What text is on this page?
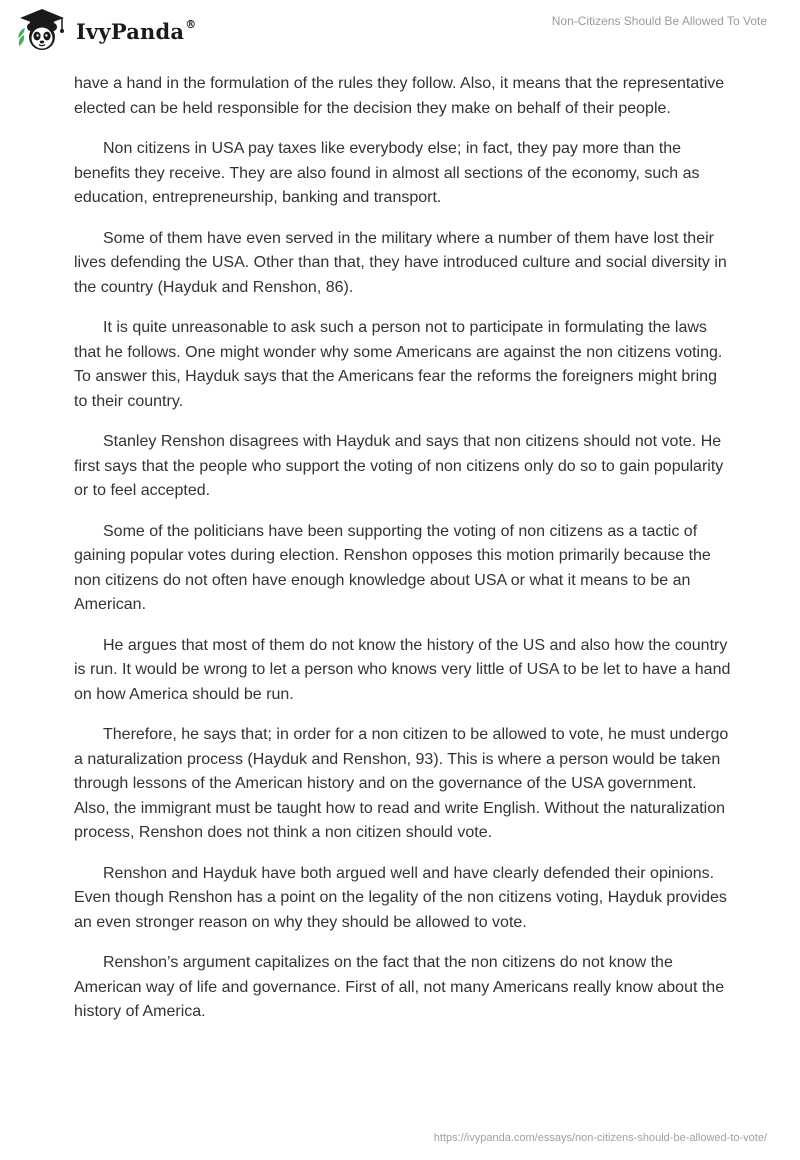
IvyPanda®	Non-Citizens Should Be Allowed To Vote

have a hand in the formulation of the rules they follow. Also, it means that the representative elected can be held responsible for the decision they make on behalf of their people.

Non citizens in USA pay taxes like everybody else; in fact, they pay more than the benefits they receive. They are also found in almost all sections of the economy, such as education, entrepreneurship, banking and transport.

Some of them have even served in the military where a number of them have lost their lives defending the USA. Other than that, they have introduced culture and social diversity in the country (Hayduk and Renshon, 86).

It is quite unreasonable to ask such a person not to participate in formulating the laws that he follows. One might wonder why some Americans are against the non citizens voting. To answer this, Hayduk says that the Americans fear the reforms the foreigners might bring to their country.

Stanley Renshon disagrees with Hayduk and says that non citizens should not vote. He first says that the people who support the voting of non citizens only do so to gain popularity or to feel accepted.

Some of the politicians have been supporting the voting of non citizens as a tactic of gaining popular votes during election. Renshon opposes this motion primarily because the non citizens do not often have enough knowledge about USA or what it means to be an American.

He argues that most of them do not know the history of the US and also how the country is run. It would be wrong to let a person who knows very little of USA to be let to have a hand on how America should be run.

Therefore, he says that; in order for a non citizen to be allowed to vote, he must undergo a naturalization process (Hayduk and Renshon, 93). This is where a person would be taken through lessons of the American history and on the governance of the USA government. Also, the immigrant must be taught how to read and write English. Without the naturalization process, Renshon does not think a non citizen should vote.

Renshon and Hayduk have both argued well and have clearly defended their opinions. Even though Renshon has a point on the legality of the non citizens voting, Hayduk provides an even stronger reason on why they should be allowed to vote.

Renshon’s argument capitalizes on the fact that the non citizens do not know the American way of life and governance. First of all, not many Americans really know about the history of America.

https://ivypanda.com/essays/non-citizens-should-be-allowed-to-vote/
